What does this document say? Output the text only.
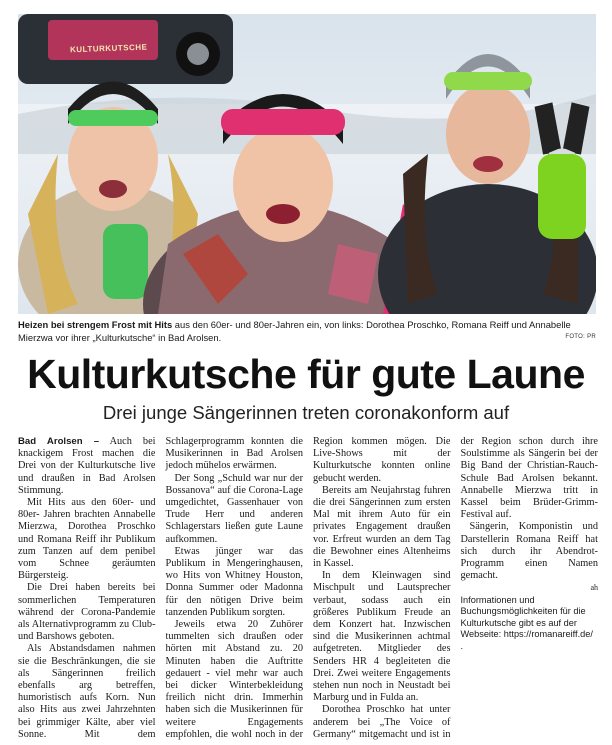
KULTURKUTSCHE
Heizen bei strengem Frost mit Hits aus den 60er- und 80er-Jahren ein, von links: Dorothea Proschko, Romana Reiff und Annabelle Mierzwa vor ihrer „Kulturkutsche“ in Bad Arolsen.	FOTO: PR
Kulturkutsche für gute Laune
Drei junge Sängerinnen treten coronakonform auf

Bad Arolsen – Auch bei knackigem Frost machen die Drei von der Kulturkutsche live und draußen in Bad Arolsen Stimmung.

Mit Hits aus den 60er- und 80er- Jahren brachten Annabelle Mierzwa, Dorothea Proschko und Romana Reiff ihr Publikum zum Tanzen auf dem penibel vom Schnee geräumten Bürgersteig.

Die Drei haben bereits bei sommerlichen Temperaturen während der Corona-Pandemie als Alternativprogramm zu Club- und Barshows geboten.

Als Abstandsdamen nahmen sie die Beschränkungen, die sie als Sängerinnen freilich ebenfalls arg betreffen, humoristisch aufs Korn. Nun also Hits aus zwei Jahrzehnten bei grimmiger Kälte, aber viel Sonne. Mit dem Schlagerprogramm konnten die Musikerinnen in Bad Arolsen jedoch mühelos erwärmen.

Der Song „Schuld war nur der Bossanova“ auf die Corona-Lage umgedichtet, Gassenhauer von Trude Herr und anderen Schlagerstars ließen gute Laune aufkommen.

Etwas jünger war das Publikum in Mengeringhausen, wo Hits von Whitney Houston, Donna Summer oder Madonna für den nötigen Drive beim tanzenden Publikum sorgten.

Jeweils etwa 20 Zuhörer tummelten sich draußen oder hörten mit Abstand zu. 20 Minuten haben die Auftritte gedauert - viel mehr war auch bei dicker Winterbekleidung freilich nicht drin. Immerhin haben sich die Musikerinnen für weitere Engagements empfohlen, die wohl noch in der Region kommen mögen. Die Live-Shows mit der Kulturkutsche konnten online gebucht werden.

Bereits am Neujahrstag fuhren die drei Sängerinnen zum ersten Mal mit ihrem Auto für ein privates Engagement draußen vor. Erfreut wurden an dem Tag die Bewohner eines Altenheims in Kassel.

In dem Kleinwagen sind Mischpult und Lautsprecher verbaut, sodass auch ein größeres Publikum Freude an dem Konzert hat. Inzwischen sind die Musikerinnen achtmal aufgetreten. Mitglieder des Senders HR 4 begleiteten die Drei. Zwei weitere Engagements stehen nun noch in Neustadt bei Marburg und in Fulda an.

Dorothea Proschko hat unter anderem bei „The Voice of Germany“ mitgemacht und ist in der Region schon durch ihre Soulstimme als Sängerin bei der Big Band der Christian-Rauch-Schule Bad Arolsen bekannt. Annabelle Mierzwa tritt in Kassel beim Brüder-Grimm-Festival auf.

Sängerin, Komponistin und Darstellerin Romana Reiff hat sich durch ihr Abendrot-Programm einen Namen gemacht.

ah

Informationen und Buchungsmöglichkeiten für die Kulturkutsche gibt es auf der Webseite: https://romanareiff.de/ .
